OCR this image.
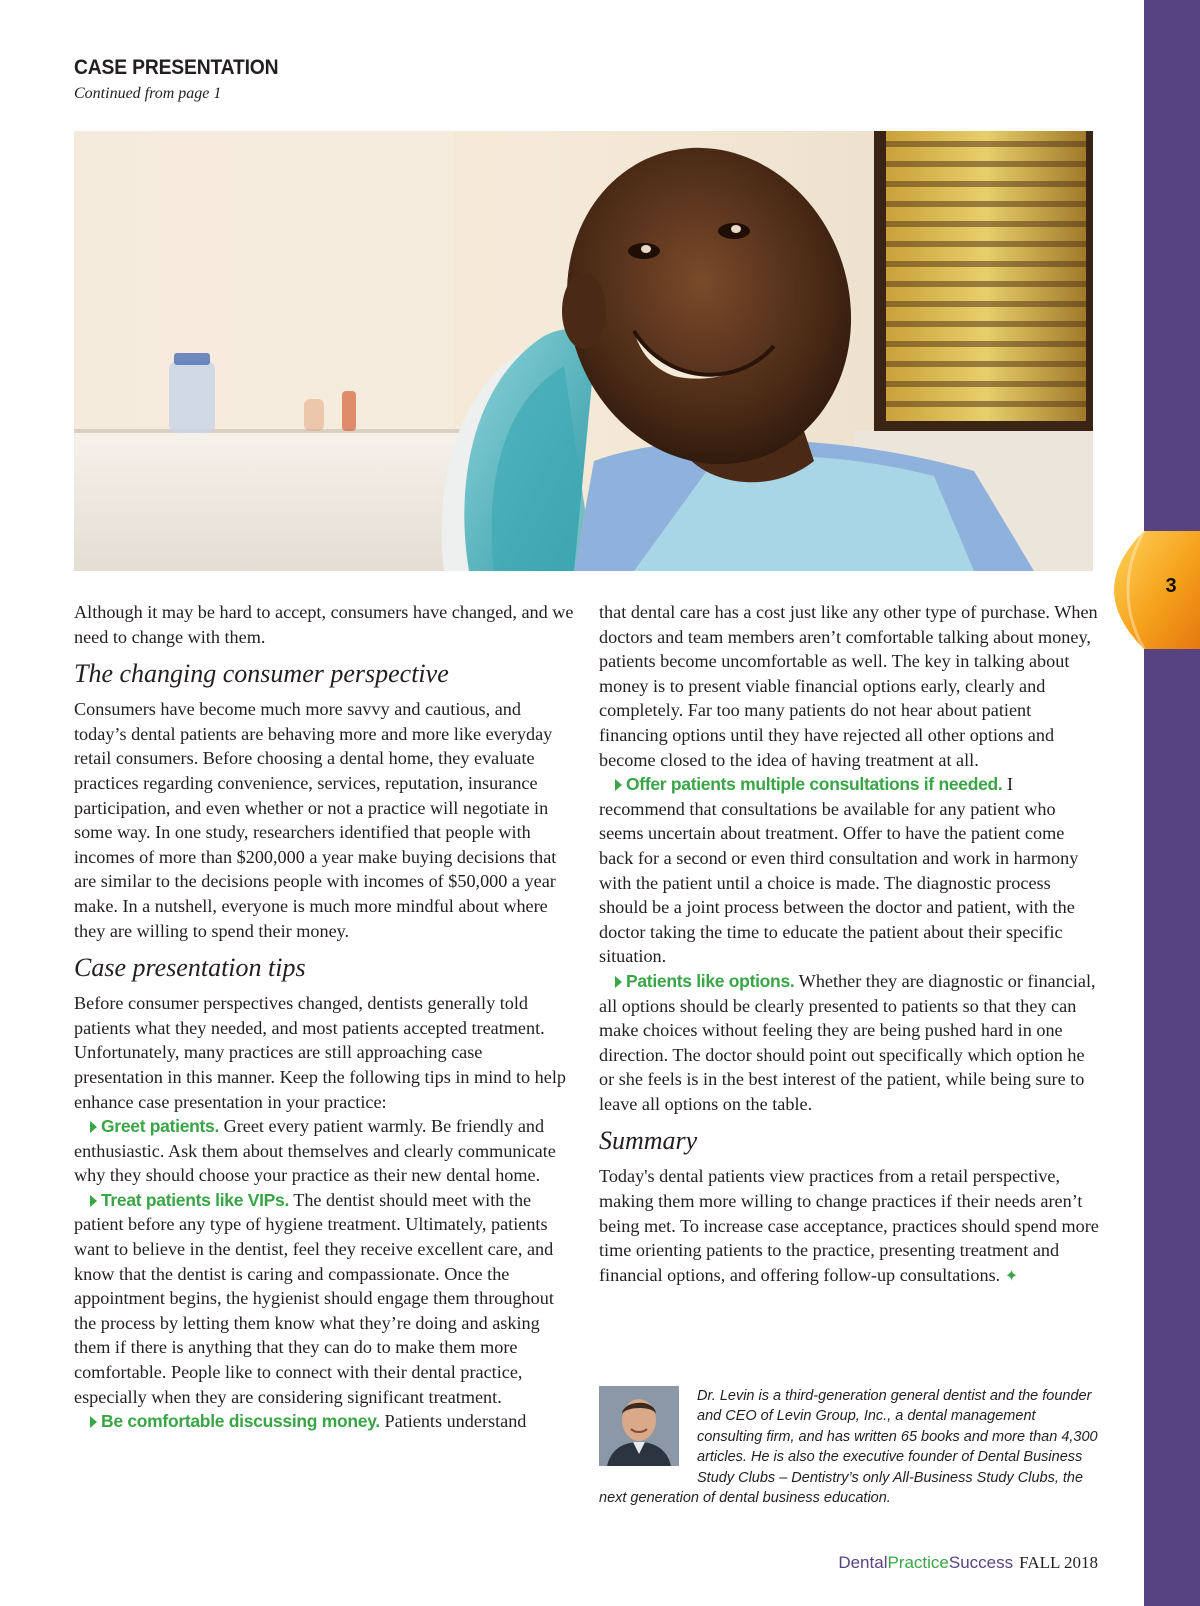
3
CASE PRESENTATION
Continued from page 1

Although it may be hard to accept, consumers have changed, and we need to change with them.

The changing consumer perspective

Consumers have become much more savvy and cautious, and today’s dental patients are behaving more and more like everyday retail consumers. Before choosing a dental home, they evaluate practices regarding convenience, services, reputation, insurance participation, and even whether or not a practice will negotiate in some way. In one study, researchers identified that people with incomes of more than $200,000 a year make buying decisions that are similar to the decisions people with incomes of $50,000 a year make. In a nutshell, everyone is much more mindful about where they are willing to spend their money.

Case presentation tips

Before consumer perspectives changed, dentists generally told patients what they needed, and most patients accepted treatment. Unfortunately, many practices are still approaching case presentation in this manner. Keep the following tips in mind to help enhance case presentation in your practice:

Greet patients. Greet every patient warmly. Be friendly and enthusiastic. Ask them about themselves and clearly communicate why they should choose your practice as their new dental home.

Treat patients like VIPs. The dentist should meet with the patient before any type of hygiene treatment. Ultimately, patients want to believe in the dentist, feel they receive excellent care, and know that the dentist is caring and compassionate. Once the appointment begins, the hygienist should engage them throughout the process by letting them know what they’re doing and asking them if there is anything that they can do to make them more comfortable. People like to connect with their dental practice, especially when they are considering significant treatment.

Be comfortable discussing money. Patients understand

that dental care has a cost just like any other type of purchase. When doctors and team members aren’t comfortable talking about money, patients become uncomfortable as well. The key in talking about money is to present viable financial options early, clearly and completely. Far too many patients do not hear about patient financing options until they have rejected all other options and become closed to the idea of having treatment at all.

Offer patients multiple consultations if needed. I recommend that consultations be available for any patient who seems uncertain about treatment. Offer to have the patient come back for a second or even third consultation and work in harmony with the patient until a choice is made. The diagnostic process should be a joint process between the doctor and patient, with the doctor taking the time to educate the patient about their specific situation.

Patients like options. Whether they are diagnostic or financial, all options should be clearly presented to patients so that they can make choices without feeling they are being pushed hard in one direction. The doctor should point out specifically which option he or she feels is in the best interest of the patient, while being sure to leave all options on the table.

Summary

Today's dental patients view practices from a retail perspective, making them more willing to change practices if their needs aren’t being met. To increase case acceptance, practices should spend more time orienting patients to the practice, presenting treatment and financial options, and offering follow-up consultations. ✦

Dr. Levin is a third-generation general dentist and the founder and CEO of Levin Group, Inc., a dental management consulting firm, and has written 65 books and more than 4,300 articles. He is also the executive founder of Dental Business Study Clubs – Dentistry’s only All-Business Study Clubs, the next generation of dental business education.
DentalPracticeSuccess FALL 2018
